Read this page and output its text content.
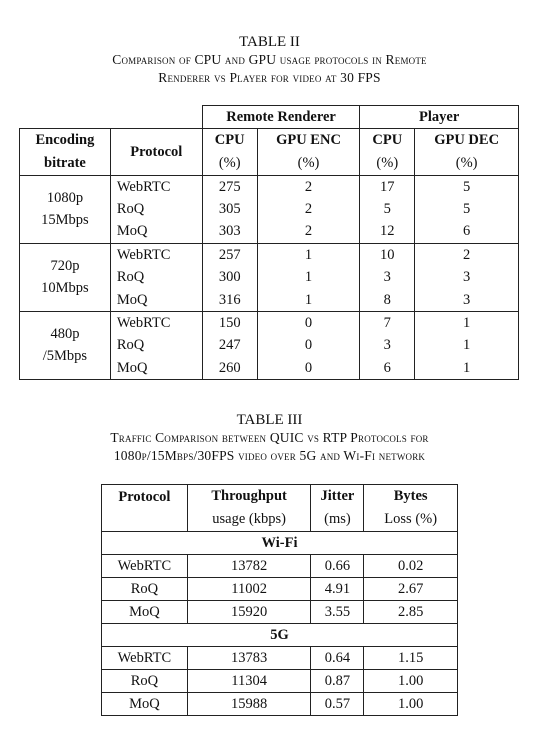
TABLE II
Comparison of CPU and GPU usage protocols in Remote
Renderer vs Player for video at 30 FPS
		Remote Renderer		Player	
Encoding	Protocol	CPU	GPU ENC	CPU	GPU DEC
bitrate		(%)	(%)	(%)	(%)

1080p
15Mbps	WebRTC	275	2	17	5
	RoQ	305	2	5	5
	MoQ	303	2	12	6

720p
10Mbps	WebRTC	257	1	10	2
	RoQ	300	1	3	3
	MoQ	316	1	8	3

480p
/5Mbps	WebRTC	150	0	7	1
	RoQ	247	0	3	1
	MoQ	260	0	6	1
TABLE III
Traffic Comparison between QUIC vs RTP Protocols for
1080p/15Mbps/30FPS video over 5G and Wi-Fi network
Protocol	Throughput	Jitter	Bytes
	usage (kbps)	(ms)	Loss (%)
Wi-Fi			
WebRTC	13782	0.66	0.02
RoQ	11002	4.91	2.67
MoQ	15920	3.55	2.85
5G			
WebRTC	13783	0.64	1.15
RoQ	11304	0.87	1.00
MoQ	15988	0.57	1.00
